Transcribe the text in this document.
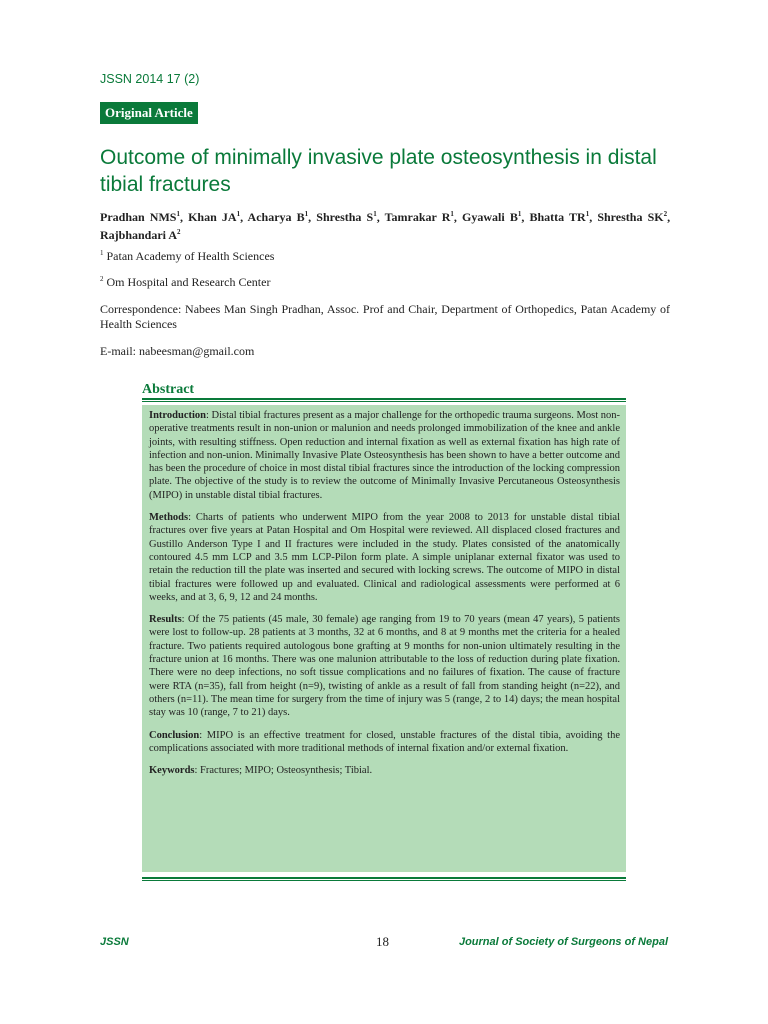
JSSN 2014 17 (2)
Original Article
Outcome of minimally invasive plate osteosynthesis in distal tibial fractures
Pradhan NMS$^1$, Khan $JA^1$, Acharya $B^1$, Shrestha $S^1$, Tamrakar $R^1$, Gyawali $B^1$, Bhatta $TR^1$, Shrestha $SK^2$, Rajbhandari $A^2$
$^1$ Patan Academy of Health Sciences
$^2$ Om Hospital and Research Center
Correspondence: Nabees Man Singh Pradhan, Assoc. Prof and Chair, Department of Orthopedics, Patan Academy of Health Sciences
E-mail: nabeesman@gmail.com
Abstract

Introduction: Distal tibial fractures present as a major challenge for the orthopedic trauma surgeons. Most non-operative treatments result in non-union or malunion and needs prolonged immobilization of the knee and ankle joints, with resulting stiffness. Open reduction and internal fixation as well as external fixation has high rate of infection and non-union. Minimally Invasive Plate Osteosynthesis has been shown to have a better outcome and has been the procedure of choice in most distal tibial fractures since the introduction of the locking compression plate. The objective of the study is to review the outcome of Minimally Invasive Percutaneous Osteosynthesis (MIPO) in unstable distal tibial fractures.

Methods: Charts of patients who underwent MIPO from the year 2008 to 2013 for unstable distal tibial fractures over five years at Patan Hospital and Om Hospital were reviewed. All displaced closed fractures and Gustillo Anderson Type I and II fractures were included in the study. Plates consisted of the anatomically contoured 4.5 mm LCP and 3.5 mm LCP-Pilon form plate. A simple uniplanar external fixator was used to retain the reduction till the plate was inserted and secured with locking screws. The outcome of MIPO in distal tibial fractures were followed up and evaluated. Clinical and radiological assessments were performed at 6 weeks, and at 3, 6, 9, 12 and 24 months.

Results: Of the 75 patients (45 male, 30 female) age ranging from 19 to 70 years (mean 47 years), 5 patients were lost to follow-up. 28 patients at 3 months, 32 at 6 months, and 8 at 9 months met the criteria for a healed fracture. Two patients required autologous bone grafting at 9 months for non-union ultimately resulting in the fracture union at 16 months. There was one malunion attributable to the loss of reduction during plate fixation. There were no deep infections, no soft tissue complications and no failures of fixation. The cause of fracture were RTA (n=35), fall from height (n=9), twisting of ankle as a result of fall from standing height (n=22), and others (n=11). The mean time for surgery from the time of injury was 5 (range, 2 to 14) days; the mean hospital stay was 10 (range, 7 to 21) days.

Conclusion: MIPO is an effective treatment for closed, unstable fractures of the distal tibia, avoiding the complications associated with more traditional methods of internal fixation and/or external fixation.

Keywords: Fractures; MIPO; Osteosynthesis; Tibial.

JSSN	18	Journal of Society of Surgeons of Nepal
